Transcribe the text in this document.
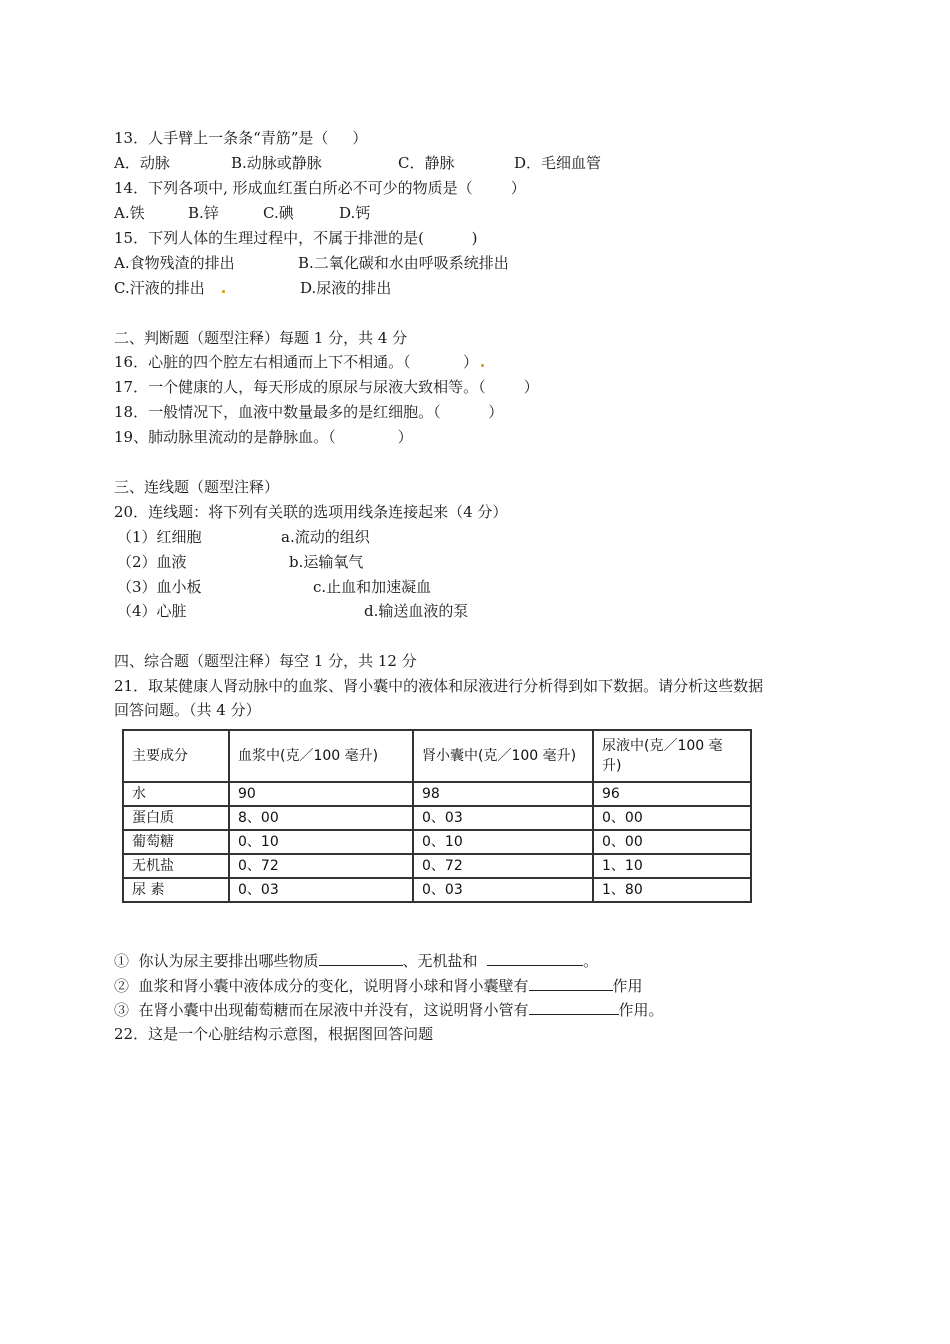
13．人手臂上一条条“青筋”是（     ）
A．动脉	B.动脉或静脉	C．静脉	D．毛细血管
14．下列各项中, 形成血红蛋白所必不可少的物质是（        ）
A.铁	B.锌	C.碘	D.钙
15．下列人体的生理过程中，不属于排泄的是(          )
A.食物残渣的排出	B.二氧化碳和水由呼吸系统排出
C.汗液的排出	D.尿液的排出
二、判断题（题型注释）每题 1 分，共 4 分
16．心脏的四个腔左右相通而上下不相通。（           ）
17．一个健康的人，每天形成的原尿与尿液大致相等。（        ）
18．一般情况下，血液中数量最多的是红细胞。（          ）
19、肺动脉里流动的是静脉血。（             ）
三、连线题（题型注释）
20．连线题：将下列有关联的选项用线条连接起来（4 分）
（1）红细胞	a.流动的组织
（2）血液	b.运输氧气
（3）血小板	c.止血和加速凝血
（4）心脏	d.输送血液的泵
四、综合题（题型注释）每空 1 分，共 12 分
21．取某健康人肾动脉中的血浆、肾小囊中的液体和尿液进行分析得到如下数据。请分析这些数据
回答问题。（共 4 分）
主要成分	血浆中(克／100 毫升)	肾小囊中(克／100 毫升)	尿液中(克／100 毫升)
水	90	98	96
蛋白质	8、00	0、03	0、00
葡萄糖	0、10	0、10	0、00
无机盐	0、72	0、72	1、10
尿 素	0、03	0、03	1、80
①  你认为尿主要排出哪些物质	、无机盐和	。
②  血浆和肾小囊中液体成分的变化，说明肾小球和肾小囊壁有	作用
③  在肾小囊中出现葡萄糖而在尿液中并没有，这说明肾小管有	作用。
22．这是一个心脏结构示意图，根据图回答问题
